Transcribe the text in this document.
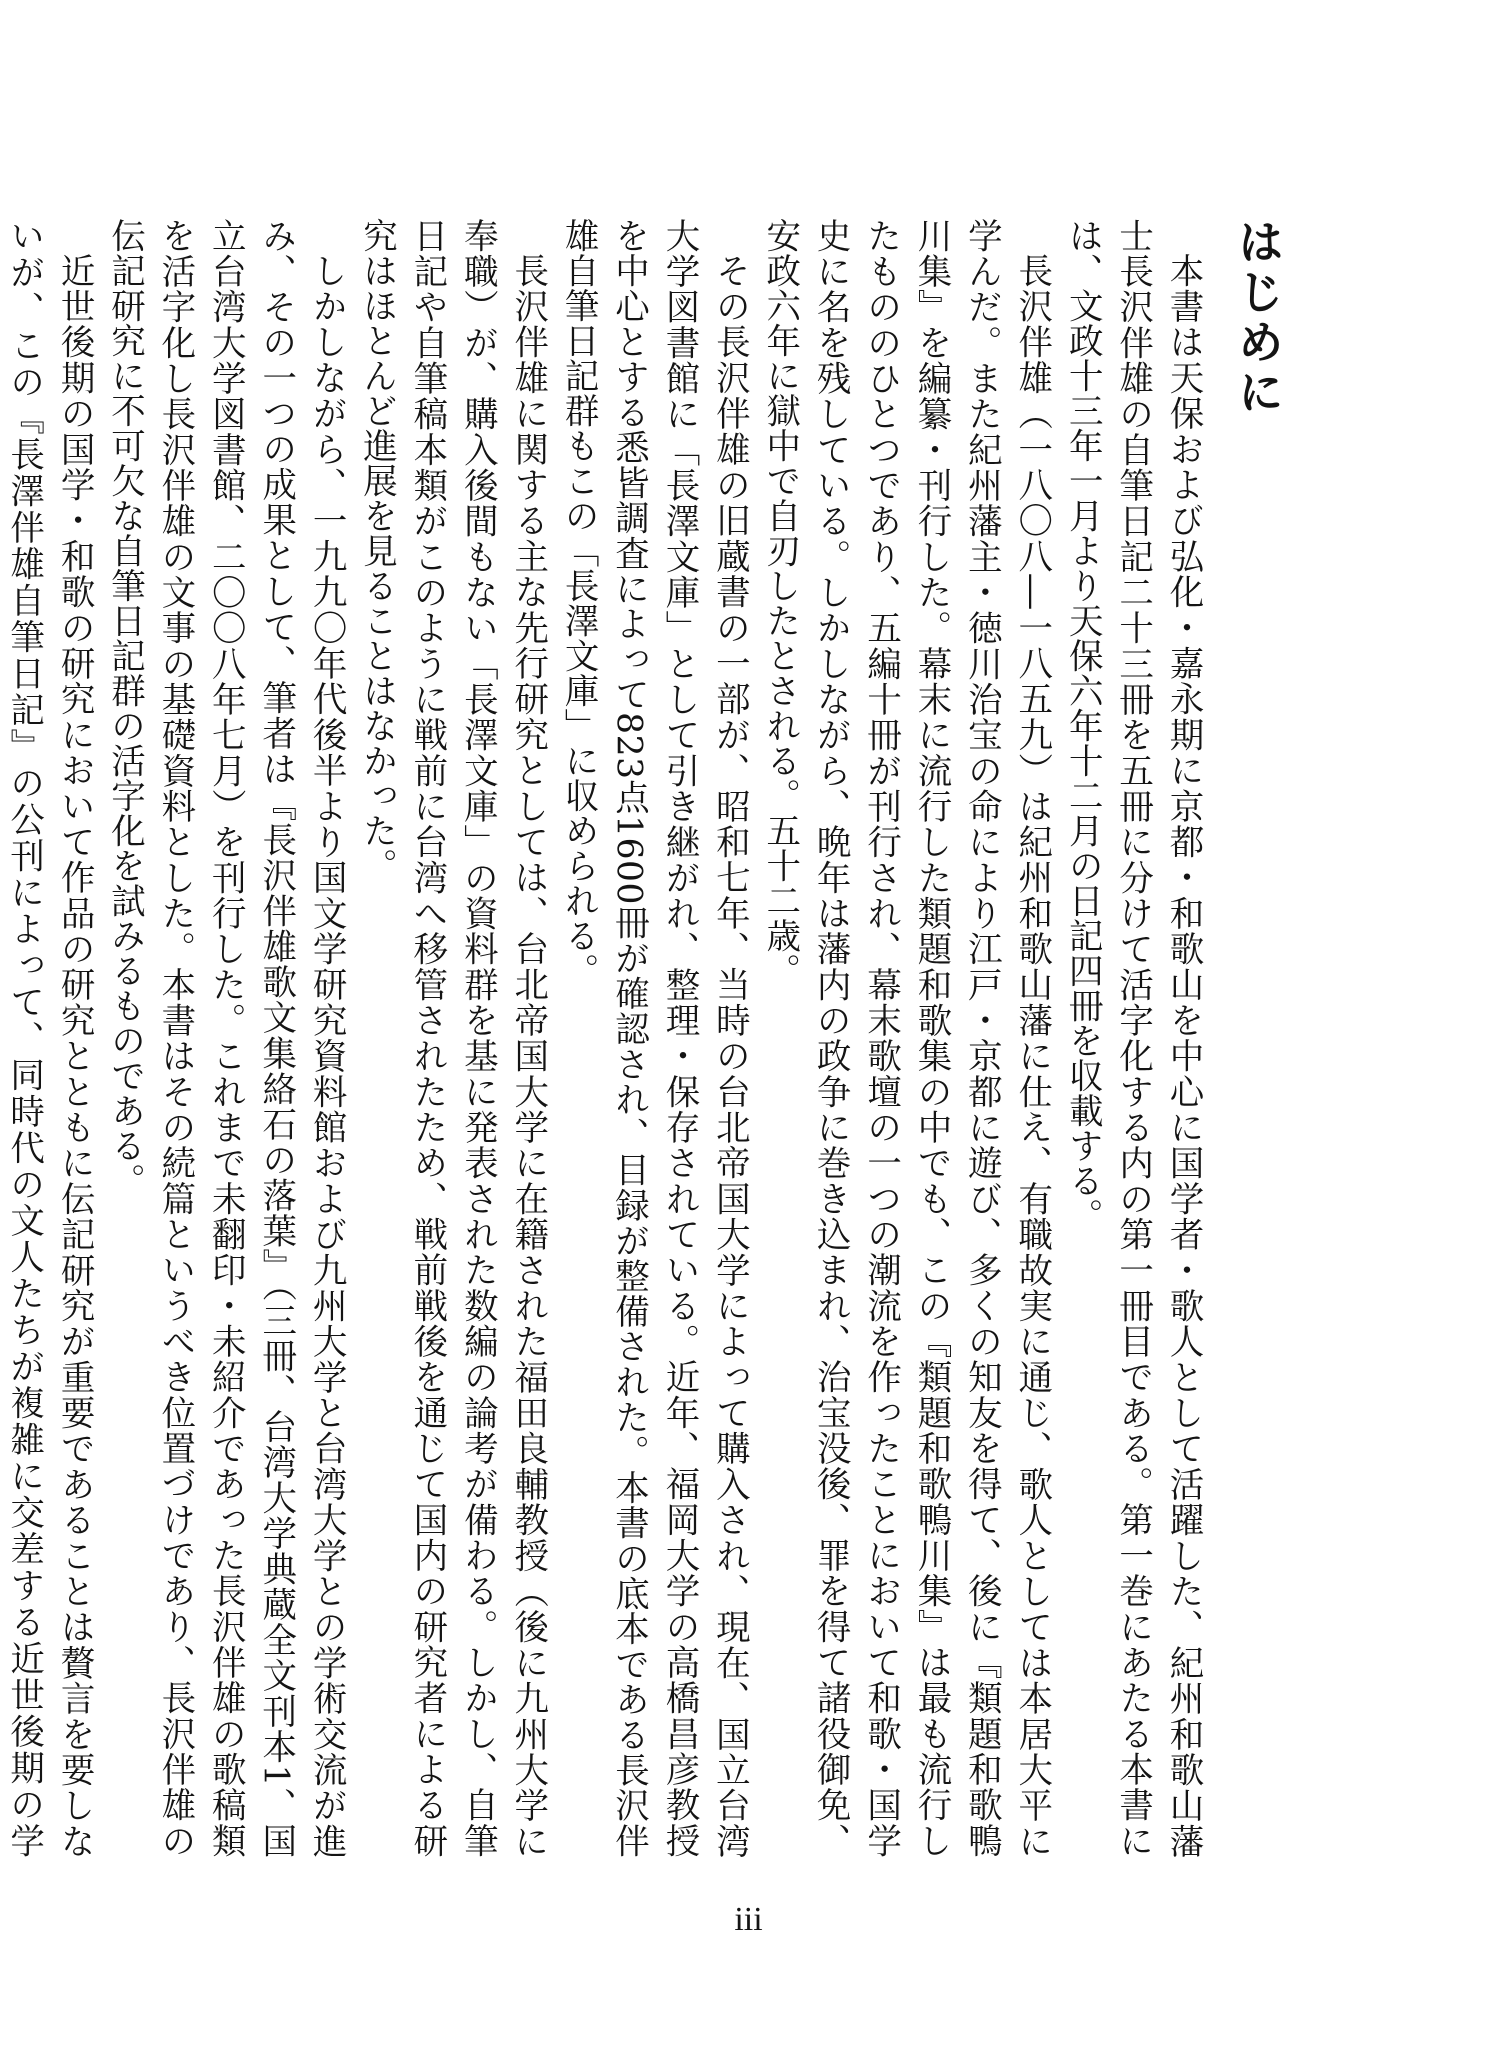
はじめに

本書は天保および弘化・嘉永期に京都・和歌山を中心に国学者・歌人として活躍した、紀州和歌山藩士長沢伴雄の自筆日記二十三冊を五冊に分けて活字化する内の第一冊目である。第一巻にあたる本書には、文政十三年一月より天保六年十二月の日記四冊を収載する。

長沢伴雄（一八〇八―一八五九）は紀州和歌山藩に仕え、有職故実に通じ、歌人としては本居大平に学んだ。また紀州藩主・徳川治宝の命により江戸・京都に遊び、多くの知友を得て、後に『類題和歌鴨川集』を編纂・刊行した。幕末に流行した類題和歌集の中でも、この『類題和歌鴨川集』は最も流行したもののひとつであり、五編十冊が刊行され、幕末歌壇の一つの潮流を作ったことにおいて和歌・国学史に名を残している。しかしながら、晩年は藩内の政争に巻き込まれ、治宝没後、罪を得て諸役御免、安政六年に獄中で自刃したとされる。五十二歳。

その長沢伴雄の旧蔵書の一部が、昭和七年、当時の台北帝国大学によって購入され、現在、国立台湾大学図書館に「長澤文庫」として引き継がれ、整理・保存されている。近年、福岡大学の高橋昌彦教授を中心とする悉皆調査によって823点1600冊が確認され、目録が整備された。本書の底本である長沢伴雄自筆日記群もこの「長澤文庫」に収められる。

長沢伴雄に関する主な先行研究としては、台北帝国大学に在籍された福田良輔教授（後に九州大学に奉職）が、購入後間もない「長澤文庫」の資料群を基に発表された数編の論考が備わる。しかし、自筆日記や自筆稿本類がこのように戦前に台湾へ移管されたため、戦前戦後を通じて国内の研究者による研究はほとんど進展を見ることはなかった。

しかしながら、一九九〇年代後半より国文学研究資料館および九州大学と台湾大学との学術交流が進み、その一つの成果として、筆者は『長沢伴雄歌文集絡石の落葉』（三冊、台湾大学典蔵全文刊本1、国立台湾大学図書館、二〇〇八年七月）を刊行した。これまで未翻印・未紹介であった長沢伴雄の歌稿類を活字化し長沢伴雄の文事の基礎資料とした。本書はその続篇というべき位置づけであり、長沢伴雄の伝記研究に不可欠な自筆日記群の活字化を試みるものである。

近世後期の国学・和歌の研究において作品の研究とともに伝記研究が重要であることは贅言を要しないが、この『長澤伴雄自筆日記』の公刊によって、同時代の文人たちが複雑に交差する近世後期の学

iii
